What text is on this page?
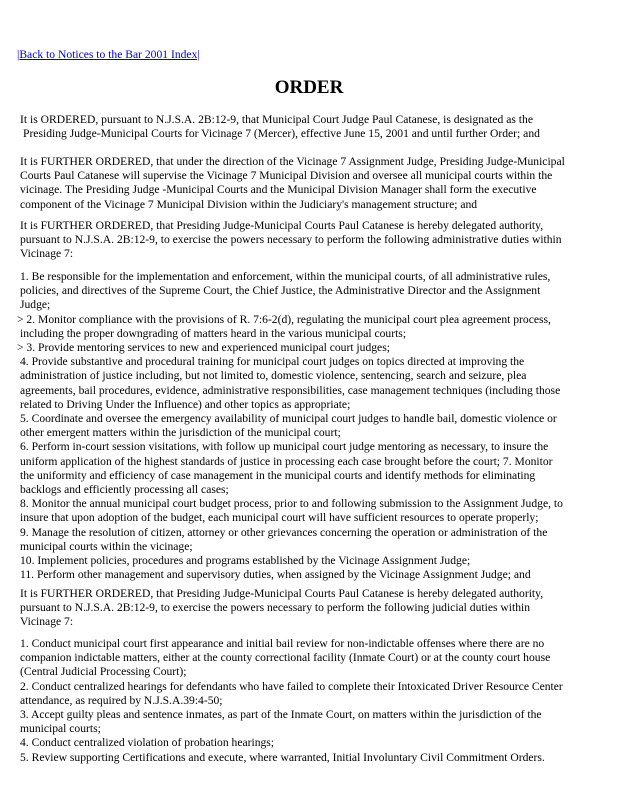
|Back to Notices to the Bar 2001 Index|
ORDER
It is ORDERED, pursuant to N.J.S.A. 2B:12-9, that Municipal Court Judge Paul Catanese, is designated as the
Presiding Judge-Municipal Courts for Vicinage 7 (Mercer), effective June 15, 2001 and until further Order; and
It is FURTHER ORDERED, that under the direction of the Vicinage 7 Assignment Judge, Presiding Judge-Municipal
Courts Paul Catanese will supervise the Vicinage 7 Municipal Division and oversee all municipal courts within the
vicinage. The Presiding Judge -Municipal Courts and the Municipal Division Manager shall form the executive
component of the Vicinage 7 Municipal Division within the Judiciary's management structure; and
It is FURTHER ORDERED, that Presiding Judge-Municipal Courts Paul Catanese is hereby delegated authority,
pursuant to N.J.S.A. 2B:12-9, to exercise the powers necessary to perform the following administrative duties within
Vicinage 7:
1. Be responsible for the implementation and enforcement, within the municipal courts, of all administrative rules,
policies, and directives of the Supreme Court, the Chief Justice, the Administrative Director and the Assignment
Judge;
> 2. Monitor compliance with the provisions of R. 7:6-2(d), regulating the municipal court plea agreement process,
including the proper downgrading of matters heard in the various municipal courts;
> 3. Provide mentoring services to new and experienced municipal court judges;
4. Provide substantive and procedural training for municipal court judges on topics directed at improving the
administration of justice including, but not limited to, domestic violence, sentencing, search and seizure, plea
agreements, bail procedures, evidence, administrative responsibilities, case management techniques (including those
related to Driving Under the Influence) and other topics as appropriate;
5. Coordinate and oversee the emergency availability of municipal court judges to handle bail, domestic violence or
other emergent matters within the jurisdiction of the municipal court;
6. Perform in-court session visitations, with follow up municipal court judge mentoring as necessary, to insure the
uniform application of the highest standards of justice in processing each case brought before the court; 7. Monitor
the uniformity and efficiency of case management in the municipal courts and identify methods for eliminating
backlogs and efficiently processing all cases;
8. Monitor the annual municipal court budget process, prior to and following submission to the Assignment Judge, to
insure that upon adoption of the budget, each municipal court will have sufficient resources to operate properly;
9. Manage the resolution of citizen, attorney or other grievances concerning the operation or administration of the
municipal courts within the vicinage;
10. Implement policies, procedures and programs established by the Vicinage Assignment Judge;
11. Perform other management and supervisory duties, when assigned by the Vicinage Assignment Judge; and
It is FURTHER ORDERED, that Presiding Judge-Municipal Courts Paul Catanese is hereby delegated authority,
pursuant to N.J.S.A. 2B:12-9, to exercise the powers necessary to perform the following judicial duties within
Vicinage 7:
1. Conduct municipal court first appearance and initial bail review for non-indictable offenses where there are no
companion indictable matters, either at the county correctional facility (Inmate Court) or at the county court house
(Central Judicial Processing Court);
2. Conduct centralized hearings for defendants who have failed to complete their Intoxicated Driver Resource Center
attendance, as required by N.J.S.A.39:4-50;
3. Accept guilty pleas and sentence inmates, as part of the Inmate Court, on matters within the jurisdiction of the
municipal courts;
4. Conduct centralized violation of probation hearings;
5. Review supporting Certifications and execute, where warranted, Initial Involuntary Civil Commitment Orders.
